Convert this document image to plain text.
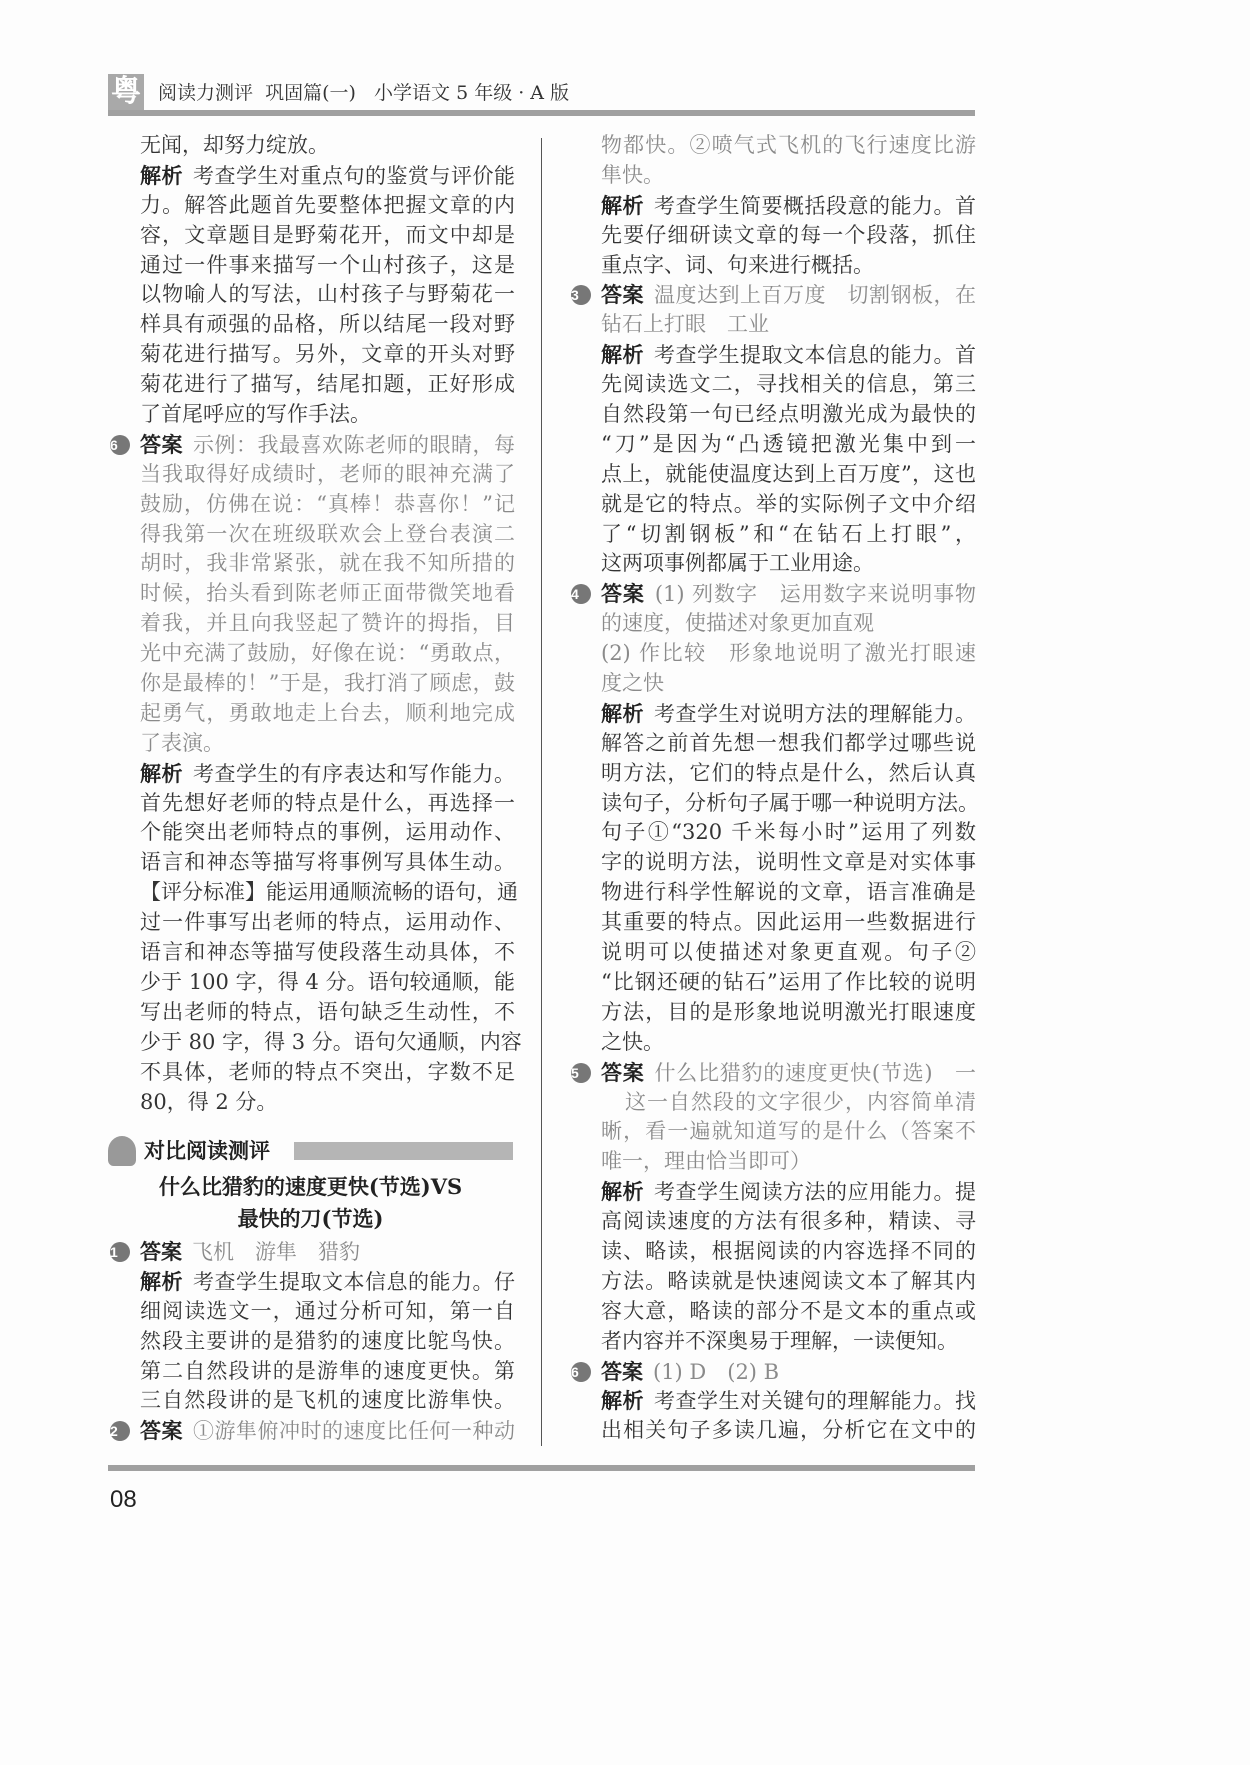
粤 阅读力测评  巩固篇(一)   小学语文 5 年级 · A 版
无闻，却努力绽放。
解析 考查学生对重点句的鉴赏与评价能
力。解答此题首先要整体把握文章的内
容，文章题目是野菊花开，而文中却是
通过一件事来描写一个山村孩子，这是
以物喻人的写法，山村孩子与野菊花一
样具有顽强的品格，所以结尾一段对野
菊花进行描写。另外，文章的开头对野
菊花进行了描写，结尾扣题，正好形成
了首尾呼应的写作手法。
6	答案 示例：我最喜欢陈老师的眼睛，每
当我取得好成绩时，老师的眼神充满了
鼓励，仿佛在说：“真棒！恭喜你！”记
得我第一次在班级联欢会上登台表演二
胡时，我非常紧张，就在我不知所措的
时候，抬头看到陈老师正面带微笑地看
着我，并且向我竖起了赞许的拇指，目
光中充满了鼓励，好像在说：“勇敢点，
你是最棒的！”于是，我打消了顾虑，鼓
起勇气，勇敢地走上台去，顺利地完成
了表演。
解析 考查学生的有序表达和写作能力。
首先想好老师的特点是什么，再选择一
个能突出老师特点的事例，运用动作、
语言和神态等描写将事例写具体生动。
【评分标准】能运用通顺流畅的语句，通
过一件事写出老师的特点，运用动作、
语言和神态等描写使段落生动具体，不
少于 100 字，得 4 分。语句较通顺，能
写出老师的特点，语句缺乏生动性，不
少于 80 字，得 3 分。语句欠通顺，内容
不具体，老师的特点不突出，字数不足
80，得 2 分。
对比阅读测评
什么比猎豹的速度更快(节选)VS
最快的刀(节选)
1	答案 飞机　游隼　猎豹
解析 考查学生提取文本信息的能力。仔
细阅读选文一，通过分析可知，第一自
然段主要讲的是猎豹的速度比鸵鸟快。
第二自然段讲的是游隼的速度更快。第
三自然段讲的是飞机的速度比游隼快。
2	答案 ①游隼俯冲时的速度比任何一种动
物都快。②喷气式飞机的飞行速度比游
隼快。
解析 考查学生简要概括段意的能力。首
先要仔细研读文章的每一个段落，抓住
重点字、词、句来进行概括。
3	答案 温度达到上百万度　切割钢板，在
钻石上打眼　工业
解析 考查学生提取文本信息的能力。首
先阅读选文二，寻找相关的信息，第三
自然段第一句已经点明激光成为最快的
“刀”是因为“凸透镜把激光集中到一
点上，就能使温度达到上百万度”，这也
就是它的特点。举的实际例子文中介绍
了“切割钢板”和“在钻石上打眼”，
这两项事例都属于工业用途。
4	答案 (1) 列数字　运用数字来说明事物
的速度，使描述对象更加直观
(2) 作比较　形象地说明了激光打眼速
度之快
解析 考查学生对说明方法的理解能力。
解答之前首先想一想我们都学过哪些说
明方法，它们的特点是什么，然后认真
读句子，分析句子属于哪一种说明方法。
句子①“320 千米每小时”运用了列数
字的说明方法，说明性文章是对实体事
物进行科学性解说的文章，语言准确是
其重要的特点。因此运用一些数据进行
说明可以使描述对象更直观。句子②
“比钢还硬的钻石”运用了作比较的说明
方法，目的是形象地说明激光打眼速度
之快。
5	答案 什么比猎豹的速度更快(节选)　一
这一自然段的文字很少，内容简单清
晰，看一遍就知道写的是什么（答案不
唯一，理由恰当即可）
解析 考查学生阅读方法的应用能力。提
高阅读速度的方法有很多种，精读、寻
读、略读，根据阅读的内容选择不同的
方法。略读就是快速阅读文本了解其内
容大意，略读的部分不是文本的重点或
者内容并不深奥易于理解，一读便知。
6	答案 (1) D　(2) B
解析 考查学生对关键句的理解能力。找
出相关句子多读几遍，分析它在文中的
08
